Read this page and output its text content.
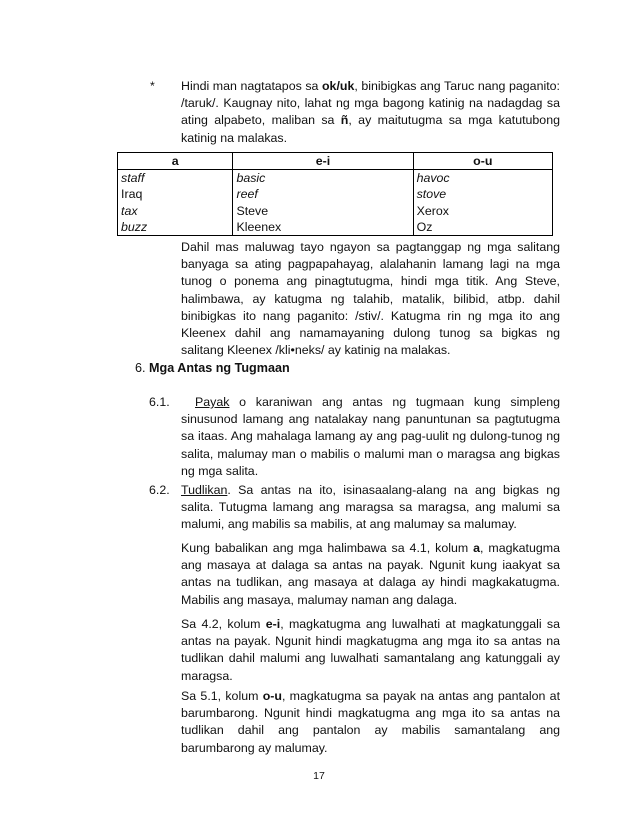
* Hindi man nagtatapos sa ok/uk, binibigkas ang Taruc nang paganito: /taruk/. Kaugnay nito, lahat ng mga bagong katinig na nadagdag sa ating alpabeto, maliban sa ñ, ay maitutugma sa mga katutubong katinig na malakas.

a	e-i	o-u
staff	basic	havoc
Iraq	reef	stove
tax	Steve	Xerox
buzz	Kleenex	Oz

Dahil mas maluwag tayo ngayon sa pagtanggap ng mga salitang banyaga sa ating pagpapahayag, alalahanin lamang lagi na mga tunog o ponema ang pinagtutugma, hindi mga titik. Ang Steve, halimbawa, ay katugma ng talahib, matalik, bilibid, atbp. dahil binibigkas ito nang paganito: /stiv/. Katugma rin ng mga ito ang Kleenex dahil ang namamayaning dulong tunog sa bigkas ng salitang Kleenex /kli•neks/ ay katinig na malakas.

6. Mga Antas ng Tugmaan
6.1.	Payak o karaniwan ang antas ng tugmaan kung simpleng sinusunod lamang ang natalakay nang panuntunan sa pagtutugma sa itaas. Ang mahalaga lamang ay ang pag-uulit ng dulong-tunog ng salita, malumay man o mabilis o malumi man o maragsa ang bigkas ng mga salita.

6.2. Tudlikan. Sa antas na ito, isinasaalang-alang na ang bigkas ng salita. Tutugma lamang ang maragsa sa maragsa, ang malumi sa malumi, ang mabilis sa mabilis, at ang malumay sa malumay.

Kung babalikan ang mga halimbawa sa 4.1, kolum a, magkatugma ang masaya at dalaga sa antas na payak. Ngunit kung iaakyat sa antas na tudlikan, ang masaya at dalaga ay hindi magkakatugma. Mabilis ang masaya, malumay naman ang dalaga.

Sa 4.2, kolum e-i, magkatugma ang luwalhati at magkatunggali sa antas na payak. Ngunit hindi magkatugma ang mga ito sa antas na tudlikan dahil malumi ang luwalhati samantalang ang katunggali ay maragsa.

Sa 5.1, kolum o-u, magkatugma sa payak na antas ang pantalon at barumbarong. Ngunit hindi magkatugma ang mga ito sa antas na tudlikan dahil ang pantalon ay mabilis samantalang ang barumbarong ay malumay.

17
